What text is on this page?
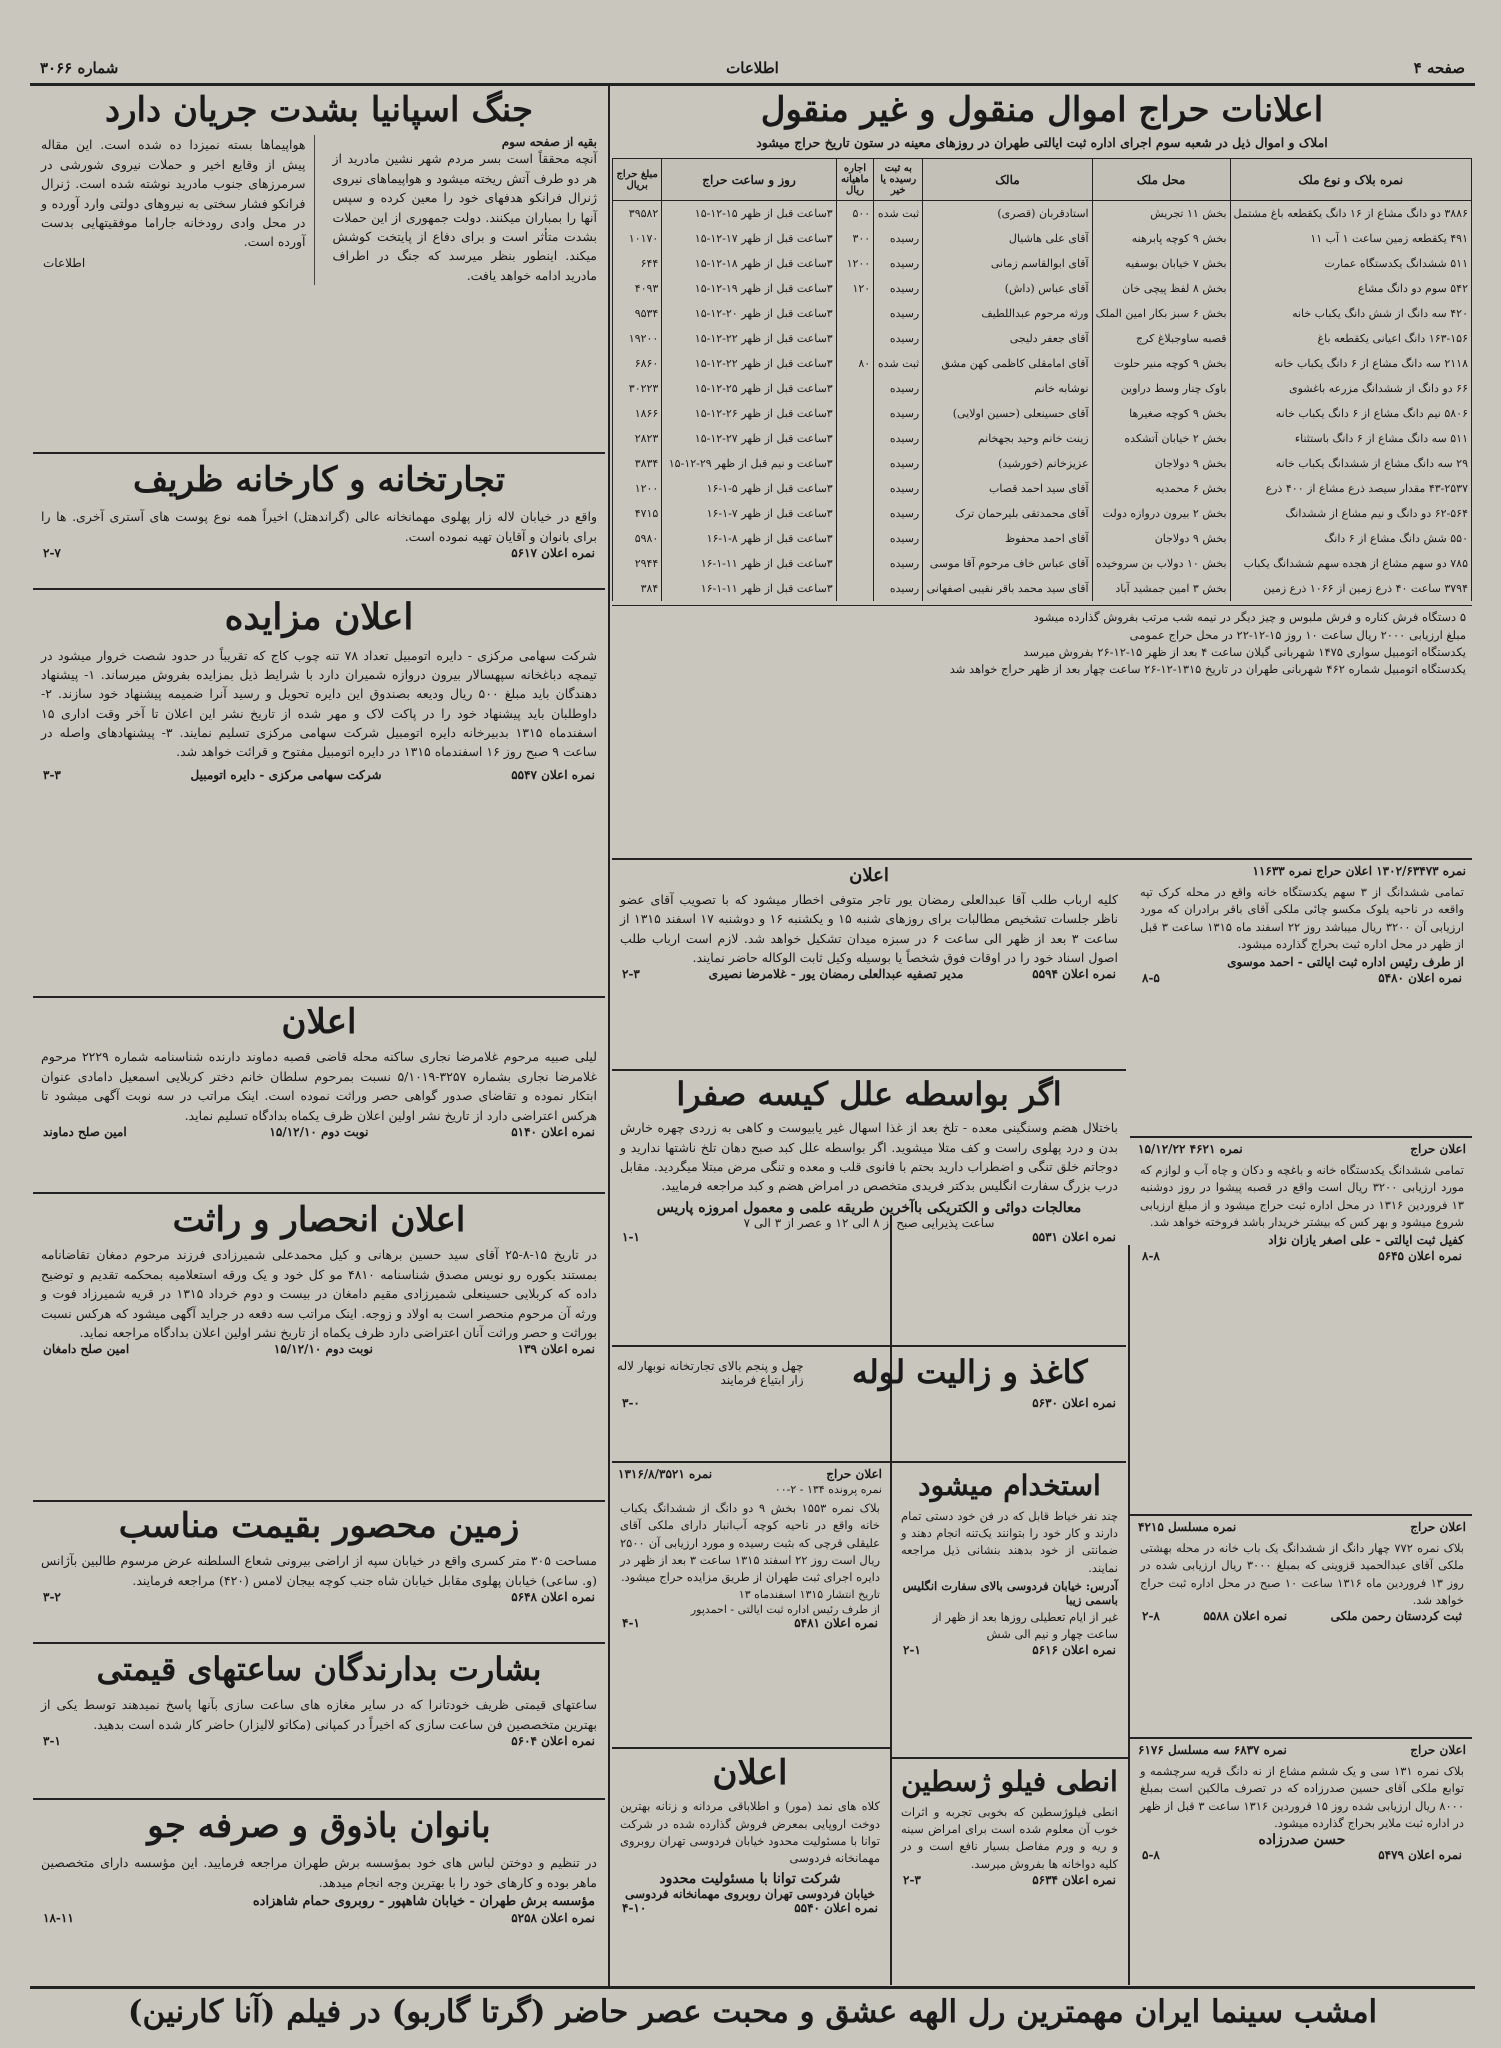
صفحه ۴
اطلاعات
شماره ۳۰۶۶
اعلانات حراج اموال منقول و غیر منقول
املاک و اموال ذیل در شعبه سوم اجرای اداره ثبت ایالتی طهران در روزهای معینه در ستون تاریخ حراج میشود
نمره بلاک و نوع ملک	محل ملک	مالک	به ثبت رسیده یا خیر	اجاره ماهیانه ریال	روز و ساعت حراج	مبلغ حراج بریال
۳۸۸۶ دو دانگ مشاع از ۱۶ دانگ یکقطعه باغ مشتمل	بخش ۱۱ تجریش	استادقربان (قصری)	ثبت شده	۵۰۰	۳ساعت قبل از ظهر ۱۵-۱۲-۱۵	۳۹۵۸۲
۴۹۱ یکقطعه زمین ساعت ۱ آب ۱۱	بخش ۹ کوچه پابرهنه	آقای علی هاشیال	رسیده	۳۰۰	۳ساعت قبل از ظهر ۱۷-۱۲-۱۵	۱۰۱۷۰
۵۱۱ ششدانگ یکدستگاه عمارت	بخش ۷ خیابان بوسفیه	آقای ابوالقاسم زمانی	رسیده	۱۲۰۰	۳ساعت قبل از ظهر ۱۸-۱۲-۱۵	۶۴۴
۵۴۲ سوم دو دانگ مشاع	بخش ۸ لفظ پیچی خان	آقای عباس (داش)	رسیده	۱۲۰	۳ساعت قبل از ظهر ۱۹-۱۲-۱۵	۴۰۹۳
۴۲۰ سه دانگ از شش دانگ یکباب خانه	بخش ۶ سبز بکار امین الملک	ورثه مرحوم عبداللطیف	رسیده		۳ساعت قبل از ظهر ۲۰-۱۲-۱۵	۹۵۳۴
۱۶۳-۱۵۶ دانگ اعیانی یکقطعه باغ	قصبه ساوجبلاغ کرج	آقای جعفر دلیجی	رسیده		۳ساعت قبل از ظهر ۲۲-۱۲-۱۵	۱۹۲۰۰
۲۱۱۸ سه دانگ مشاع از ۶ دانگ یکباب خانه	بخش ۹ کوچه منیر حلوت	آقای امامقلی کاظمی کهن مشق	ثبت شده	۸۰	۳ساعت قبل از ظهر ۲۲-۱۲-۱۵	۶۸۶۰
۶۶ دو دانگ از ششدانگ مزرعه باغشوی	باوک چنار وسط دراوین	نوشابه خانم	رسیده		۳ساعت قبل از ظهر ۲۵-۱۲-۱۵	۳۰۲۲۳
۵۸۰۶ نیم دانگ مشاع از ۶ دانگ یکباب خانه	بخش ۹ کوچه صغیرها	آقای حسینعلی (حسین اولایی)	رسیده		۳ساعت قبل از ظهر ۲۶-۱۲-۱۵	۱۸۶۶
۵۱۱ سه دانگ مشاع از ۶ دانگ باستثناء	بخش ۲ خیابان آتشکده	زینت خانم وحید بجهخانم	رسیده		۳ساعت قبل از ظهر ۲۷-۱۲-۱۵	۲۸۲۳
۲۹ سه دانگ مشاع از ششدانگ یکباب خانه	بخش ۹ دولاجان	عزیزخانم (خورشید)	رسیده		۳ساعت و نیم قبل از ظهر ۲۹-۱۲-۱۵	۳۸۳۴
۴۳-۲۵۳۷ مقدار سیصد ذرع مشاع از ۴۰۰ ذرع	بخش ۶ محمدیه	آقای سید احمد قصاب	رسیده		۳ساعت قبل از ظهر ۵-۱-۱۶	۱۲۰۰
۶۲-۵۶۴ دو دانگ و نیم مشاع از ششدانگ	بخش ۲ بیرون دروازه دولت	آقای محمدتقی بلیرحمان ترک	رسیده		۳ساعت قبل از ظهر ۷-۱-۱۶	۴۷۱۵
۵۵۰ شش دانگ مشاع از ۶ دانگ	بخش ۹ دولاجان	آقای احمد محفوظ	رسیده		۳ساعت قبل از ظهر ۸-۱-۱۶	۵۹۸۰
۷۸۵ دو سهم مشاع از هجده سهم ششدانگ یکباب	بخش ۱۰ دولاب بن سروخیده	آقای عباس خاف مرحوم آقا موسی	رسیده		۳ساعت قبل از ظهر ۱۱-۱-۱۶	۲۹۴۴
۳۷۹۴ ساعت ۴۰ ذرع زمین از ۱۰۶۶ ذرع زمین	بخش ۳ امین جمشید آباد	آقای سید محمد باقر نقیبی اصفهانی	رسیده		۳ساعت قبل از ظهر ۱۱-۱-۱۶	۳۸۴
۵ دستگاه فرش کناره و فرش ملبوس و چیز دیگر در نیمه شب مرتب بفروش گذارده میشود
مبلغ ارزیابی ۲۰۰۰ ریال ساعت ۱۰ روز ۱۵-۱۲-۲۲ در محل حراج عمومی
یکدستگاه اتومبیل سواری ۱۴۷۵ شهربانی گیلان ساعت ۴ بعد از ظهر ۱۵-۱۲-۲۶ بفروش میرسد
یکدستگاه اتومبیل شماره ۴۶۲ شهربانی طهران در تاریخ ۱۳۱۵-۱۲-۲۶ ساعت چهار بعد از ظهر حراج خواهد شد
جنگ اسپانیا بشدت جریان دارد
بقیه از صفحه سوم
آنچه محققاً است بسر مردم شهر نشین مادرید از هر دو طرف آتش ریخته میشود و هواپیماهای نیروی ژنرال فرانکو هدفهای خود را معین کرده و سپس آنها را بمباران میکنند. دولت جمهوری از این حملات بشدت متأثر است و برای دفاع از پایتخت کوشش میکند. اینطور بنظر میرسد که جنگ در اطراف مادرید ادامه خواهد یافت.
هواپیماها بسته نمیزدا ده شده است. این مقاله پیش از وقایع اخیر و حملات نیروی شورشی در سرمرزهای جنوب مادرید نوشته شده است. ژنرال فرانکو فشار سختی به نیروهای دولتی وارد آورده و در محل وادی رودخانه جاراما موفقیتهایی بدست آورده است.
اطلاعات
تجارتخانه و کارخانه ظریف
واقع در خیابان لاله زار پهلوی مهمانخانه عالی (گراندهتل) اخیراً همه نوع پوست های آستری آخری. ها را برای بانوان و آقایان تهیه نموده است.
نمره اعلان ۵۶۱۷
۲-۷
اعلان مزایده
شرکت سهامی مرکزی - دایره اتومبیل تعداد ۷۸ تنه چوب کاج که تقریباً در حدود شصت خروار میشود در تیمچه دباغخانه سپهسالار بیرون دروازه شمیران دارد با شرایط ذیل بمزایده بفروش میرساند. ۱- پیشنهاد دهندگان باید مبلغ ۵۰۰ ریال ودیعه بصندوق این دایره تحویل و رسید آنرا ضمیمه پیشنهاد خود سازند. ۲- داوطلبان باید پیشنهاد خود را در پاکت لاک و مهر شده از تاریخ نشر این اعلان تا آخر وقت اداری ۱۵ اسفندماه ۱۳۱۵ بدبیرخانه دایره اتومبیل شرکت سهامی مرکزی تسلیم نمایند. ۳- پیشنهادهای واصله در ساعت ۹ صبح روز ۱۶ اسفندماه ۱۳۱۵ در دایره اتومبیل مفتوح و قرائت خواهد شد.
نمره اعلان ۵۵۴۷
شرکت سهامی مرکزی - دایره اتومبیل
۳-۳
اعلان
لیلی صبیه مرحوم غلامرضا نجاری ساکنه محله قاضی قصبه دماوند دارنده شناسنامه شماره ۲۲۲۹ مرحوم غلامرضا نجاری بشماره ۳۲۵۷-۵/۱۰۱۹ نسبت بمرحوم سلطان خانم دختر کربلایی اسمعیل دامادی عنوان ابتکار نموده و تقاضای صدور گواهی حصر وراثت نموده است. اینک مراتب در سه نوبت آگهی میشود تا هرکس اعتراضی دارد از تاریخ نشر اولین اعلان ظرف یکماه بدادگاه تسلیم نماید.
نمره اعلان ۵۱۴۰
نوبت دوم ۱۵/۱۲/۱۰
امین صلح دماوند
اعلان انحصار و راثت
در تاریخ ۱۵-۸-۲۵ آقای سید حسین برهانی و کیل محمدعلی شمیرزادی فرزند مرحوم دمغان تقاضانامه بمستند بکوره رو نویس مصدق شناسنامه ۴۸۱۰ مو کل خود و یک ورقه استعلامیه بمحکمه تقدیم و توضیح داده که کربلایی حسینعلی شمیرزادی مقیم دامغان در بیست و دوم خرداد ۱۳۱۵ در قریه شمیرزاد فوت و ورثه آن مرحوم منحصر است به اولاد و زوجه. اینک مراتب سه دفعه در جراید آگهی میشود که هرکس نسبت بوراثت و حصر وراثت آنان اعتراضی دارد ظرف یکماه از تاریخ نشر اولین اعلان بدادگاه مراجعه نماید.
نمره اعلان ۱۳۹
نوبت دوم ۱۵/۱۲/۱۰
امین صلح دامغان
زمین محصور بقیمت مناسب
مساحت ۳۰۵ متر کسری واقع در خیابان سپه از اراضی بیرونی شعاع السلطنه عرض مرسوم طالبین بآژانس (و. ساعی) خیابان پهلوی مقابل خیابان شاه جنب کوچه بیجان لامس (۴۲۰) مراجعه فرمایند.
نمره اعلان ۵۶۴۸
۳-۲
بشارت بدارندگان ساعتهای قیمتی
ساعتهای قیمتی ظریف خودتانرا که در سایر مغازه های ساعت سازی بآنها پاسخ نمیدهند توسط یکی از بهترین متخصصین فن ساعت سازی که اخیراً در کمپانی (مکاتو لالیزار) حاضر کار شده است بدهید.
نمره اعلان ۵۶۰۴
۳-۱
بانوان باذوق و صرفه جو
در تنظیم و دوختن لباس های خود بمؤسسه برش طهران مراجعه فرمایید. این مؤسسه دارای متخصصین ماهر بوده و کارهای خود را با بهترین وجه انجام میدهد.
مؤسسه برش طهران - خیابان شاهپور - روبروی حمام شاهزاده
نمره اعلان ۵۲۵۸
۱۸-۱۱
اعلان
کلیه ارباب طلب آقا عبدالعلی رمضان یور تاجر متوفی اخطار میشود که با تصویب آقای عضو ناظر جلسات تشخیص مطالبات برای روزهای شنبه ۱۵ و یکشنبه ۱۶ و دوشنبه ۱۷ اسفند ۱۳۱۵ از ساعت ۳ بعد از ظهر الی ساعت ۶ در سبزه میدان تشکیل خواهد شد. لازم است ارباب طلب اصول اسناد خود را در اوقات فوق شخصاً یا بوسیله وکیل ثابت الوکاله حاضر نمایند.
نمره اعلان ۵۵۹۴
مدیر تصفیه عبدالعلی رمضان یور - غلامرضا نصیری
۲-۳
اگر بواسطه علل کیسه صفرا
باختلال هضم وسنگینی معده - تلخ بعد از غذا اسهال غیر یابیوست و کاهی به زردی چهره خارش بدن و درد پهلوی راست و کف متلا میشوید. اگر بواسطه علل کبد صبح دهان تلخ ناشتها ندارید و دوجاتم خلق تنگی و اضطراب دارید بحتم با فانوی قلب و معده و تنگی مرض مبتلا میگردید. مقابل درب بزرگ سفارت انگلیس بدکتر فریدی متخصص در امراض هضم و کبد مراجعه فرمایید.
معالجات دوائی و الکتریکی باآخرین طریقه علمی و معمول امروزه پاریس
ساعت پذیرایی صبح از ۸ الی ۱۲ و عصر از ۳ الی ۷
نمره اعلان ۵۵۳۱
۱-۱
کاغذ و زالیت لوله
چهل و پنجم بالای تجارتخانه نوبهار لاله زار ابتیاع فرمایند
نمره اعلان ۵۶۳۰
۳-۰
اعلان حراج
نمره ۱۳۱۶/۸/۳۵۲۱
نمره پرونده ۱۳۴ - ۲-۰۰
بلاک نمره ۱۵۵۳ بخش ۹ دو دانگ از ششدانگ یکباب خانه واقع در ناحیه کوچه آب‌انبار دارای ملکی آقای علیقلی قرچی که بثبت رسیده و مورد ارزیابی آن ۲۵۰۰ ریال است روز ۲۲ اسفند ۱۳۱۵ ساعت ۳ بعد از ظهر در دایره اجرای ثبت طهران از طریق مزایده حراج میشود.
تاریخ انتشار ۱۳۱۵ اسفندماه ۱۳
از طرف رئیس اداره ثبت ایالتی - احمدپور
نمره اعلان ۵۴۸۱
۴-۱
اعلان
کلاه های نمد (مور) و اطلاباقی مردانه و زنانه بهترین دوخت اروپایی بمعرض فروش گذارده شده در شرکت توانا با مسئولیت محدود خیابان فردوسی تهران روبروی مهمانخانه فردوسی
شرکت توانا با مسئولیت محدود
خیابان فردوسی تهران روبروی مهمانخانه فردوسی
نمره اعلان ۵۵۴۰
۴-۱۰
استخدام میشود
چند نفر خیاط قابل که در فن خود دستی تمام دارند و کار خود را بتوانند یک‌تنه انجام دهند و ضمانتی از خود بدهند بنشانی ذیل مراجعه نمایند.
آدرس: خیابان فردوسی بالای سفارت انگلیس باسمی زیبا
غیر از ایام تعطیلی روزها بعد از ظهر از ساعت چهار و نیم الی شش
نمره اعلان ۵۶۱۶
۲-۱
انطی فیلو ژسطین
انطی فیلوژسطین که بخوبی تجربه و اثرات خوب آن معلوم شده است برای امراض سینه و ریه و ورم مفاصل بسیار نافع است و در کلیه دواخانه ها بفروش میرسد.
نمره اعلان ۵۶۳۴
۲-۳
نمره ۱۳۰۲/۶۳۴۷۳ اعلان حراج نمره ۱۱۶۳۳
تمامی ششدانگ از ۳ سهم یکدستگاه خانه واقع در محله کرک تپه واقعه در ناحیه یلوک مکسو چائی ملکی آقای باقر برادران که مورد ارزیابی آن ۳۲۰۰ ریال میباشد روز ۲۲ اسفند ماه ۱۳۱۵ ساعت ۳ قبل از ظهر در محل اداره ثبت بحراج گذارده میشود.
از طرف رئیس اداره ثبت ایالتی - احمد موسوی
نمره اعلان ۵۴۸۰
۸-۵
اعلان حراج
نمره ۴۶۲۱ ۱۵/۱۲/۲۲
تمامی ششدانگ یکدستگاه خانه و باغچه و دکان و چاه آب و لوازم که مورد ارزیابی ۳۲۰۰ ریال است واقع در قصبه پیشوا در روز دوشنبه ۱۳ فروردین ۱۳۱۶ در محل اداره ثبت حراج میشود و از مبلغ ارزیابی شروع میشود و بهر کس که بیشتر خریدار باشد فروخته خواهد شد.
کفیل ثبت ایالتی - علی اصغر یازان نژاد
نمره اعلان ۵۶۴۵
۸-۸
اعلان حراج
نمره مسلسل ۴۲۱۵
بلاک نمره ۷۷۲ چهار دانگ از ششدانگ یک باب خانه در محله بهشتی ملکی آقای عبدالحمید قزوینی که بمبلغ ۳۰۰۰ ریال ارزیابی شده در روز ۱۳ فروردین ماه ۱۳۱۶ ساعت ۱۰ صبح در محل اداره ثبت حراج خواهد شد.
ثبت کردستان رحمن ملکی
نمره اعلان ۵۵۸۸
۲-۸
اعلان حراج
نمره ۶۸۳۷ سه مسلسل ۶۱۷۶
بلاک نمره ۱۳۱ سی و یک ششم مشاع از نه دانگ قریه سرچشمه و توابع ملکی آقای حسین صدرزاده که در تصرف مالکین است بمبلغ ۸۰۰۰ ریال ارزیابی شده روز ۱۵ فروردین ۱۳۱۶ ساعت ۳ قبل از ظهر در اداره ثبت ملایر بحراج گذارده میشود.
حسن صدرزاده
نمره اعلان ۵۴۷۹
۵-۸
امشب سینما ایران مهمترین رل الهه عشق و محبت عصر حاضر (گرتا گاربو) در فیلم (آنا کارنین)
